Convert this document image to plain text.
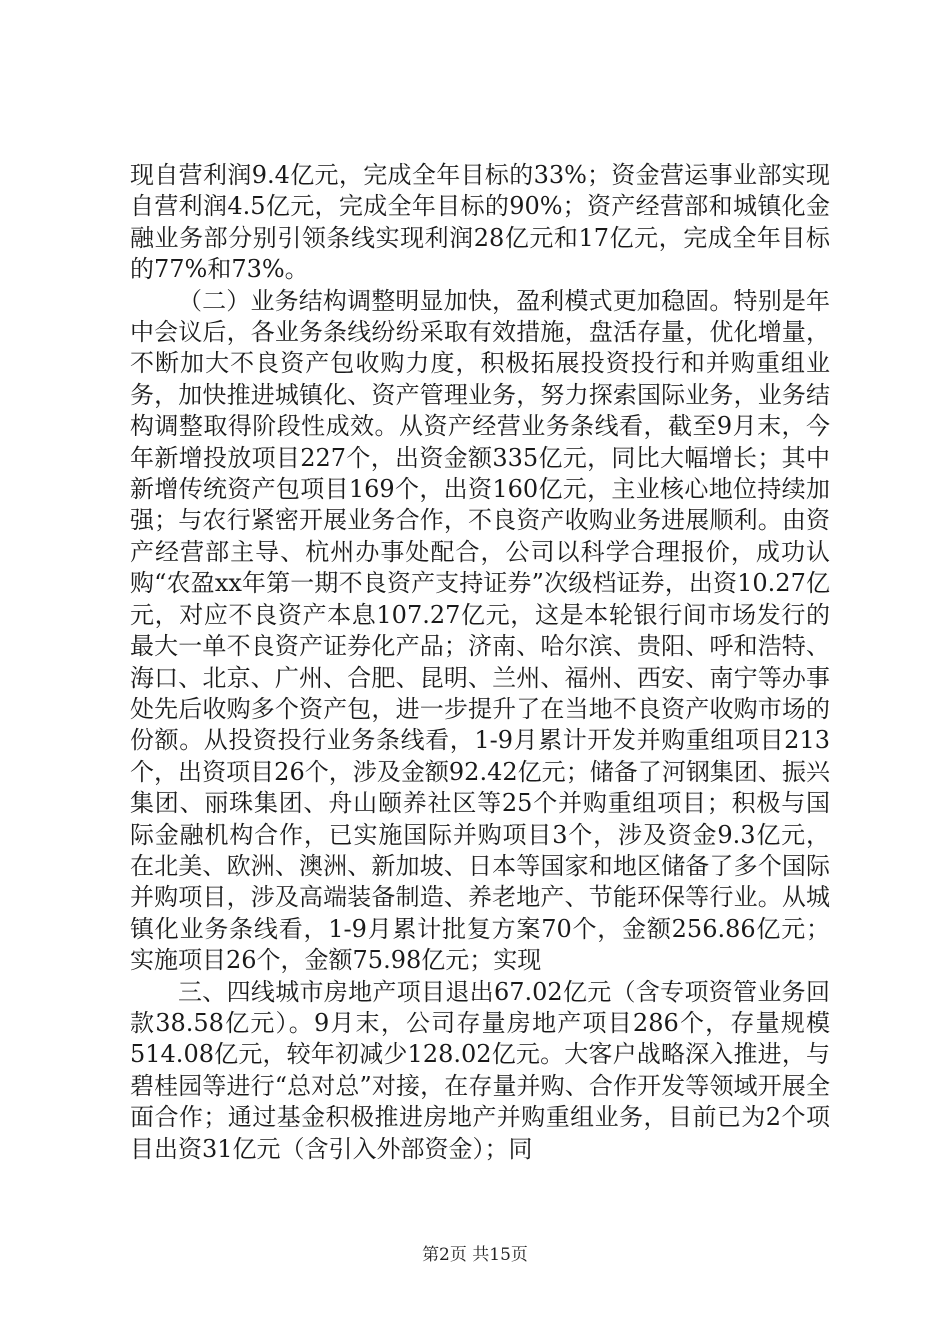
现自营利润9.4亿元，完成全年目标的33%；资金营运事业部实现自营利润4.5亿元，完成全年目标的90%；资产经营部和城镇化金融业务部分别引领条线实现利润28亿元和17亿元，完成全年目标的77%和73%。

（二）业务结构调整明显加快，盈利模式更加稳固。特别是年中会议后，各业务条线纷纷采取有效措施，盘活存量，优化增量，不断加大不良资产包收购力度，积极拓展投资投行和并购重组业务，加快推进城镇化、资产管理业务，努力探索国际业务，业务结构调整取得阶段性成效。从资产经营业务条线看，截至9月末，今年新增投放项目227个，出资金额335亿元，同比大幅增长；其中新增传统资产包项目169个，出资160亿元，主业核心地位持续加强；与农行紧密开展业务合作，不良资产收购业务进展顺利。由资产经营部主导、杭州办事处配合，公司以科学合理报价，成功认购“农盈xx年第一期不良资产支持证券”次级档证券，出资10.27亿元，对应不良资产本息107.27亿元，这是本轮银行间市场发行的最大一单不良资产证券化产品；济南、哈尔滨、贵阳、呼和浩特、海口、北京、广州、合肥、昆明、兰州、福州、西安、南宁等办事处先后收购多个资产包，进一步提升了在当地不良资产收购市场的份额。从投资投行业务条线看，1-9月累计开发并购重组项目213个，出资项目26个，涉及金额92.42亿元；储备了河钢集团、振兴集团、丽珠集团、舟山颐养社区等25个并购重组项目；积极与国际金融机构合作，已实施国际并购项目3个，涉及资金9.3亿元，在北美、欧洲、澳洲、新加坡、日本等国家和地区储备了多个国际并购项目，涉及高端装备制造、养老地产、节能环保等行业。从城镇化业务条线看，1-9月累计批复方案70个，金额256.86亿元；实施项目26个，金额75.98亿元；实现

三、四线城市房地产项目退出67.02亿元（含专项资管业务回款38.58亿元）。9月末，公司存量房地产项目286个，存量规模514.08亿元，较年初减少128.02亿元。大客户战略深入推进，与碧桂园等进行“总对总”对接，在存量并购、合作开发等领域开展全面合作；通过基金积极推进房地产并购重组业务，目前已为2个项目出资31亿元（含引入外部资金）；同

第2页 共15页
